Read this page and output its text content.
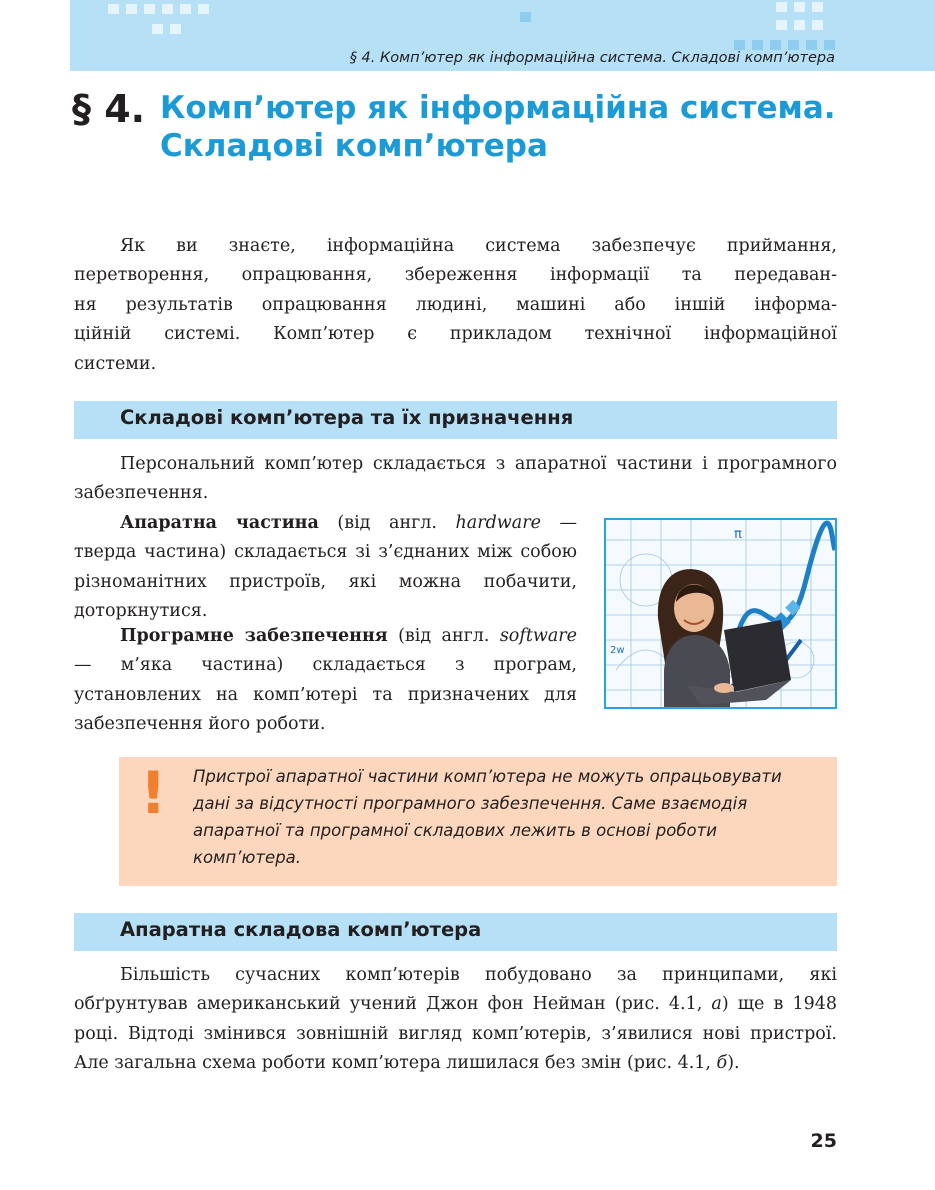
§ 4. Комп’ютер як інформаційна система. Складові комп’ютера
§ 4. Комп’ютер як інформаційна система.
Складові комп’ютера
Як ви знаєте, інформаційна система забезпечує приймання,
перетворення, опрацювання, збереження інформації та передаван-
ня результатів опрацювання людині, машині або іншій інформа-
ційній системі. Комп’ютер є прикладом технічної інформаційної
системи.
Складові комп’ютера та їх призначення
Персональний комп’ютер складається з апаратної частини і програмного забезпечення.
Апаратна частина (від англ. hardware — тверда частина) складається зі з’єднаних між собою різноманітних пристроїв, які можна побачити, доторкнутися.
Програмне забезпечення (від англ. software — м’яка частина) складається з програм, установлених на комп’ютері та призначених для забезпечення його роботи.
π
2w
! Пристрої апаратної частини комп’ютера не можуть опрацьовувати дані за відсутності програмного забезпечення. Саме взаємодія апаратної та програмної складових лежить в основі роботи комп’ютера.
Апаратна складова комп’ютера
Більшість сучасних комп’ютерів побудовано за принципами, які обґрунтував американський учений Джон фон Нейман (рис. 4.1, а) ще в 1948 році. Відтоді змінився зовнішній вигляд комп’ютерів, з’явилися нові пристрої. Але загальна схема роботи комп’ютера лишилася без змін (рис. 4.1, б).
25
